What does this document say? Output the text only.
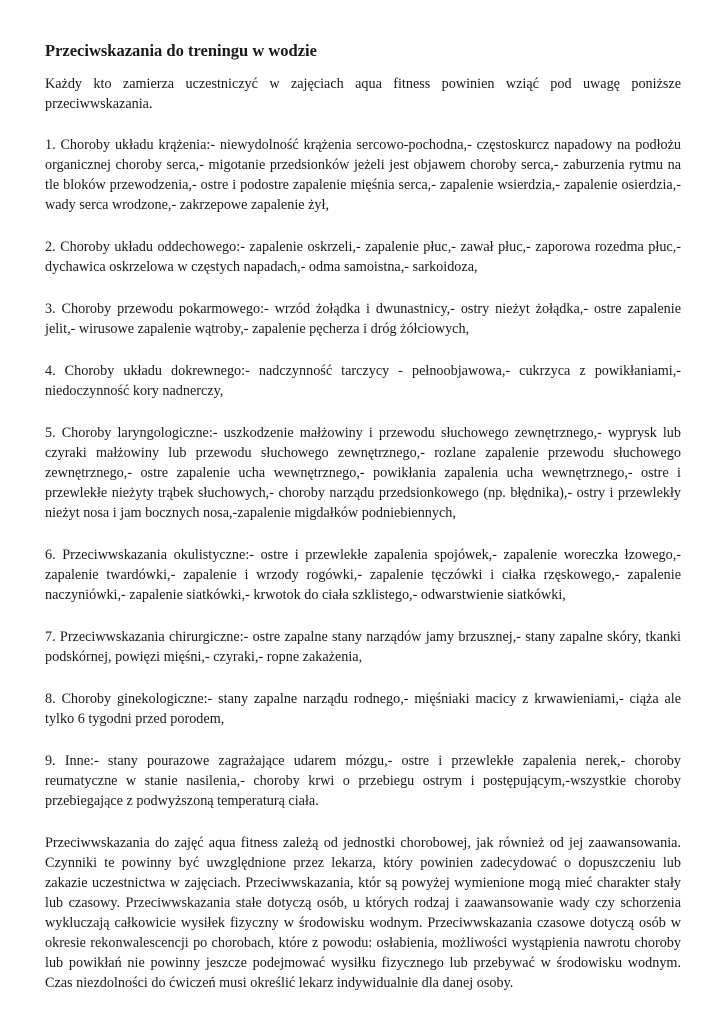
Przeciwskazania do treningu w wodzie

Każdy kto zamierza uczestniczyć w zajęciach aqua fitness powinien wziąć pod uwagę poniższe przeciwwskazania.

1. Choroby układu krążenia:- niewydolność krążenia sercowo-pochodna,- częstoskurcz napadowy na podłożu organicznej choroby serca,- migotanie przedsionków jeżeli jest objawem choroby serca,- zaburzenia rytmu na tle bloków przewodzenia,- ostre i podostre zapalenie mięśnia serca,- zapalenie wsierdzia,- zapalenie osierdzia,-wady serca wrodzone,- zakrzepowe zapalenie żył,

2. Choroby układu oddechowego:- zapalenie oskrzeli,- zapalenie płuc,- zawał płuc,- zaporowa rozedma płuc,-dychawica oskrzelowa w częstych napadach,- odma samoistna,- sarkoidoza,

3. Choroby przewodu pokarmowego:- wrzód żołądka i dwunastnicy,- ostry nieżyt żołądka,- ostre zapalenie jelit,- wirusowe zapalenie wątroby,- zapalenie pęcherza i dróg żółciowych,

4. Choroby układu dokrewnego:- nadczynność tarczycy - pełnoobjawowa,- cukrzyca z powikłaniami,- niedoczynność kory nadnerczy,

5. Choroby laryngologiczne:- uszkodzenie małżowiny i przewodu słuchowego zewnętrznego,- wyprysk lub czyraki małżowiny lub przewodu słuchowego zewnętrznego,- rozlane zapalenie przewodu słuchowego zewnętrznego,- ostre zapalenie ucha wewnętrznego,- powikłania zapalenia ucha wewnętrznego,- ostre i przewlekłe nieżyty trąbek słuchowych,- choroby narządu przedsionkowego (np. błędnika),- ostry i przewlekły nieżyt nosa i jam bocznych nosa,-zapalenie migdałków podniebiennych,

6. Przeciwwskazania okulistyczne:- ostre i przewlekłe zapalenia spojówek,- zapalenie woreczka łzowego,- zapalenie twardówki,- zapalenie i wrzody rogówki,- zapalenie tęczówki i ciałka rzęskowego,- zapalenie naczyniówki,- zapalenie siatkówki,- krwotok do ciała szklistego,- odwarstwienie siatkówki,

7. Przeciwwskazania chirurgiczne:- ostre zapalne stany narządów jamy brzusznej,- stany zapalne skóry, tkanki podskórnej, powięzi mięśni,- czyraki,- ropne zakażenia,

8. Choroby ginekologiczne:- stany zapalne narządu rodnego,- mięśniaki macicy z krwawieniami,- ciąża ale tylko 6 tygodni przed porodem,

9. Inne:- stany pourazowe zagrażające udarem mózgu,- ostre i przewlekłe zapalenia nerek,- choroby reumatyczne w stanie nasilenia,- choroby krwi o przebiegu ostrym i postępującym,-wszystkie choroby przebiegające z podwyższoną temperaturą ciała.

Przeciwwskazania do zajęć aqua fitness zależą od jednostki chorobowej, jak również od jej zaawansowania. Czynniki te powinny być uwzględnione przez lekarza, który powinien zadecydować o dopuszczeniu lub zakazie uczestnictwa w zajęciach. Przeciwwskazania, któr są powyżej wymienione mogą mieć charakter stały lub czasowy. Przeciwwskazania stałe dotyczą osób, u których rodzaj i zaawansowanie wady czy schorzenia wykluczają całkowicie wysiłek fizyczny w środowisku wodnym. Przeciwwskazania czasowe dotyczą osób w okresie rekonwalescencji po chorobach, które z powodu: osłabienia, możliwości wystąpienia nawrotu choroby lub powikłań nie powinny jeszcze podejmować wysiłku fizycznego lub przebywać w środowisku wodnym. Czas niezdolności do ćwiczeń musi określić lekarz indywidualnie dla danej osoby.
